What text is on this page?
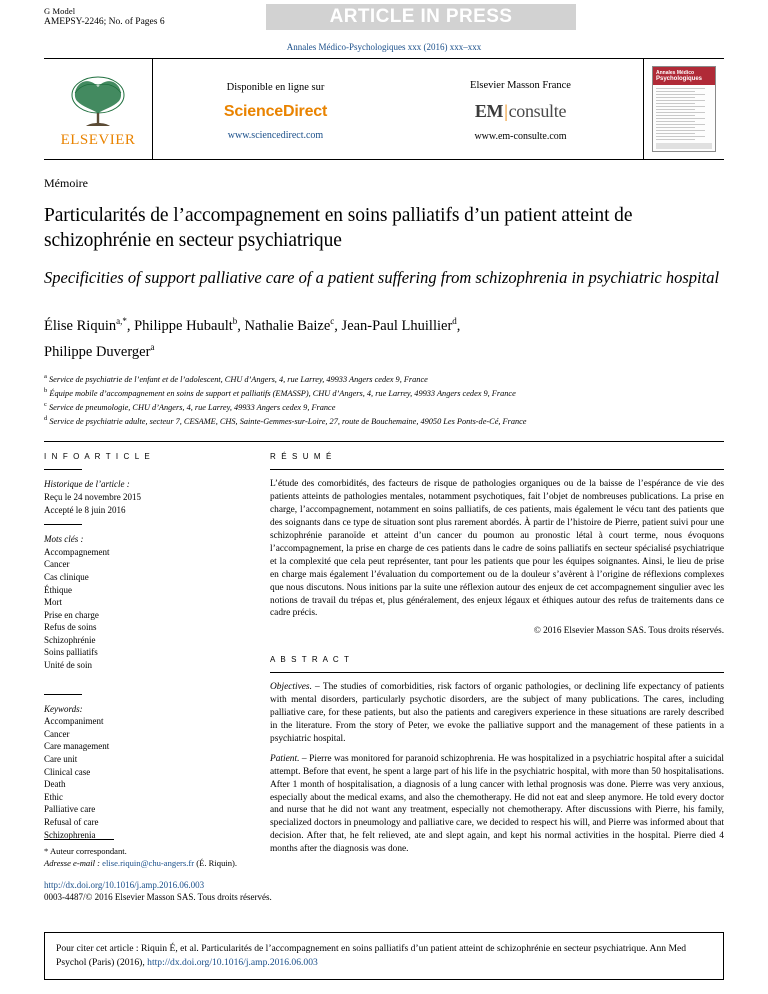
G Model
AMEPSY-2246; No. of Pages 6	ARTICLE IN PRESS
Annales Médico-Psychologiques xxx (2016) xxx–xxx
ELSEVIER
Disponible en ligne sur
ScienceDirect
www.sciencedirect.com
Elsevier Masson France
EM|consulte
www.em-consulte.com
Annales Médico
Psychologiques
Mémoire
Particularités de l’accompagnement en soins palliatifs d’un patient atteint de schizophrénie en secteur psychiatrique
Specificities of support palliative care of a patient suffering from schizophrenia in psychiatric hospital
Élise Riquin$^{a,*}$, Philippe Hubault$^b$, Nathalie Baize$^c$, Jean-Paul Lhuillier$^d$,
Philippe Duverger$^a$
$^a$ Service de psychiatrie de l’enfant et de l’adolescent, CHU d’Angers, 4, rue Larrey, 49933 Angers cedex 9, France
$^b$ Équipe mobile d’accompagnement en soins de support et palliatifs (EMASSP), CHU d’Angers, 4, rue Larrey, 49933 Angers cedex 9, France
$^c$ Service de pneumologie, CHU d’Angers, 4, rue Larrey, 49933 Angers cedex 9, France
$^d$ Service de psychiatrie adulte, secteur 7, CESAME, CHS, Sainte-Gemmes-sur-Loire, 27, route de Bouchemaine, 49050 Les Ponts-de-Cé, France
I N F O A R T I C L E
Historique de l’article :
Reçu le 24 novembre 2015
Accepté le 8 juin 2016
Mots clés :
Accompagnement
Cancer
Cas clinique
Éthique
Mort
Prise en charge
Refus de soins
Schizophrénie
Soins palliatifs
Unité de soin
Keywords:
Accompaniment
Cancer
Care management
Care unit
Clinical case
Death
Ethic
Palliative care
Refusal of care
Schizophrenia
R É S U M É

L’étude des comorbidités, des facteurs de risque de pathologies organiques ou de la baisse de l’espérance de vie des patients atteints de pathologies mentales, notamment psychotiques, fait l’objet de nombreuses publications. La prise en charge, l’accompagnement, notamment en soins palliatifs, de ces patients, mais également le vécu tant des patients que des soignants dans ce type de situation sont plus rarement abordés. À partir de l’histoire de Pierre, patient suivi pour une schizophrénie paranoïde et atteint d’un cancer du poumon au pronostic létal à court terme, nous évoquons l’accompagnement, la prise en charge de ces patients dans le cadre de soins palliatifs en secteur spécialisé psychiatrique et la complexité que cela peut représenter, tant pour les patients que pour les équipes soignantes. Ainsi, le lieu de prise en charge mais également l’évaluation du comportement ou de la douleur s’avèrent à l’origine de réflexions complexes que nous discutons. Nous initions par la suite une réflexion autour des enjeux de cet accompagnement singulier avec les notions de travail du trépas et, plus généralement, des enjeux légaux et éthiques autour des refus de traitements dans ce cadre précis.

© 2016 Elsevier Masson SAS. Tous droits réservés.
A B S T R A C T

Objectives. – The studies of comorbidities, risk factors of organic pathologies, or declining life expectancy of patients with mental disorders, particularly psychotic disorders, are the subject of many publications. The cares, including palliative care, for these patients, but also the patients and caregivers experience in these situations are rarely described in the literature. From the story of Peter, we evoke the palliative support and the management of these patients in a psychiatric hospital.

Patient. – Pierre was monitored for paranoid schizophrenia. He was hospitalized in a psychiatric hospital after a suicidal attempt. Before that event, he spent a large part of his life in the psychiatric hospital, with more than 50 hospitalisations. After 1 month of hospitalisation, a diagnosis of a lung cancer with lethal prognosis was done. Pierre was very anxious, especially about the medical exams, and also the chemotherapy. He did not eat and sleep anymore. He told every doctor and nurse that he did not want any treatment, especially not chemotherapy. After discussions with Pierre, his family, specialized doctors in pneumology and palliative care, we decided to respect his will, and Pierre was informed about that decision. After that, he felt relieved, ate and slept again, and kept his normal activities in the hospital. Pierre died 4 months after the diagnosis was done.

* Auteur correspondant.
Adresse e-mail : elise.riquin@chu-angers.fr (É. Riquin).
http://dx.doi.org/10.1016/j.amp.2016.06.003
0003-4487/© 2016 Elsevier Masson SAS. Tous droits réservés.

Pour citer cet article : Riquin É, et al. Particularités de l’accompagnement en soins palliatifs d’un patient atteint de schizophrénie en secteur psychiatrique. Ann Med Psychol (Paris) (2016), http://dx.doi.org/10.1016/j.amp.2016.06.003
